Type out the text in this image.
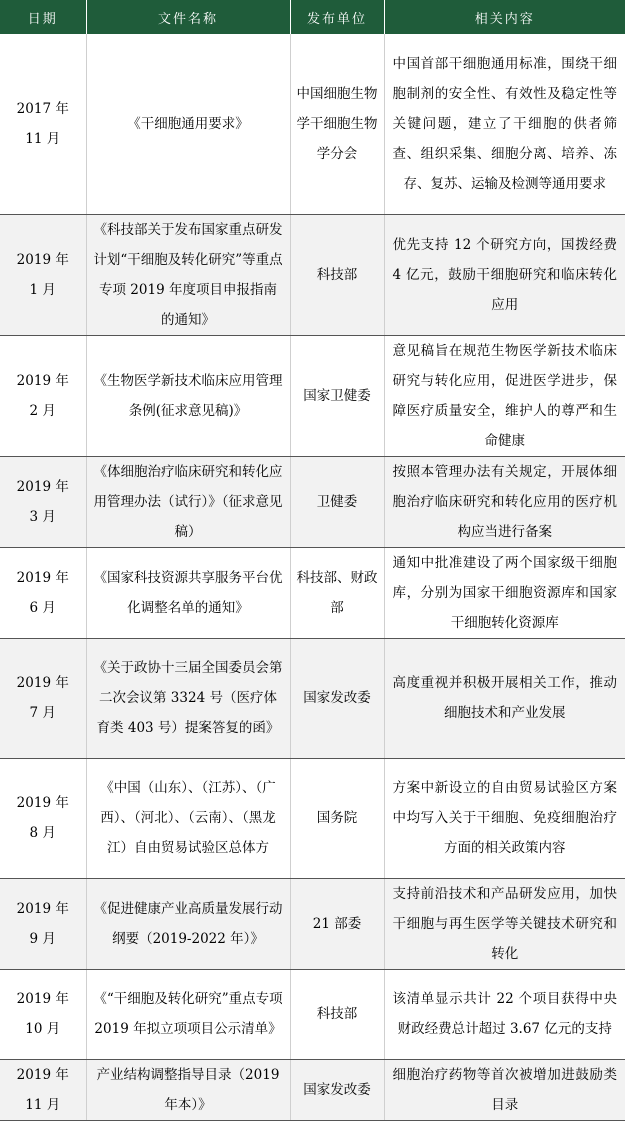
日期	文件名称	发布单位	相关内容
2017 年 11 月	《干细胞通用要求》	中国细胞生物学干细胞生物学分会	中国首部干细胞通用标准，围绕干细胞制剂的安全性、有效性及稳定性等关键问题，建立了干细胞的供者筛查、组织采集、细胞分离、培养、冻存、复苏、运输及检测等通用要求
2019 年 1 月	《科技部关于发布国家重点研发计划“干细胞及转化研究”等重点专项 2019 年度项目申报指南的通知》	科技部	优先支持 12 个研究方向，国拨经费 4 亿元，鼓励干细胞研究和临床转化应用
2019 年 2 月	《生物医学新技术临床应用管理条例(征求意见稿)》	国家卫健委	意见稿旨在规范生物医学新技术临床研究与转化应用，促进医学进步，保障医疗质量安全，维护人的尊严和生命健康
2019 年 3 月	《体细胞治疗临床研究和转化应用管理办法（试行）》（征求意见稿）	卫健委	按照本管理办法有关规定，开展体细胞治疗临床研究和转化应用的医疗机构应当进行备案
2019 年 6 月	《国家科技资源共享服务平台优化调整名单的通知》	科技部、财政部	通知中批准建设了两个国家级干细胞库，分别为国家干细胞资源库和国家干细胞转化资源库
2019 年 7 月	《关于政协十三届全国委员会第二次会议第 3324 号（医疗体育类 403 号）提案答复的函》	国家发改委	高度重视并积极开展相关工作，推动细胞技术和产业发展
2019 年 8 月	《中国（山东）、（江苏）、（广西）、（河北）、（云南）、（黑龙江）自由贸易试验区总体方	国务院	方案中新设立的自由贸易试验区方案中均写入关于干细胞、免疫细胞治疗方面的相关政策内容
2019 年 9 月	《促进健康产业高质量发展行动纲要（2019-2022 年）》	21 部委	支持前沿技术和产品研发应用，加快干细胞与再生医学等关键技术研究和转化
2019 年 10 月	《“干细胞及转化研究”重点专项 2019 年拟立项项目公示清单》	科技部	该清单显示共计 22 个项目获得中央财政经费总计超过 3.67 亿元的支持
2019 年 11 月	产业结构调整指导目录（2019 年本）》	国家发改委	细胞治疗药物等首次被增加进鼓励类目录
